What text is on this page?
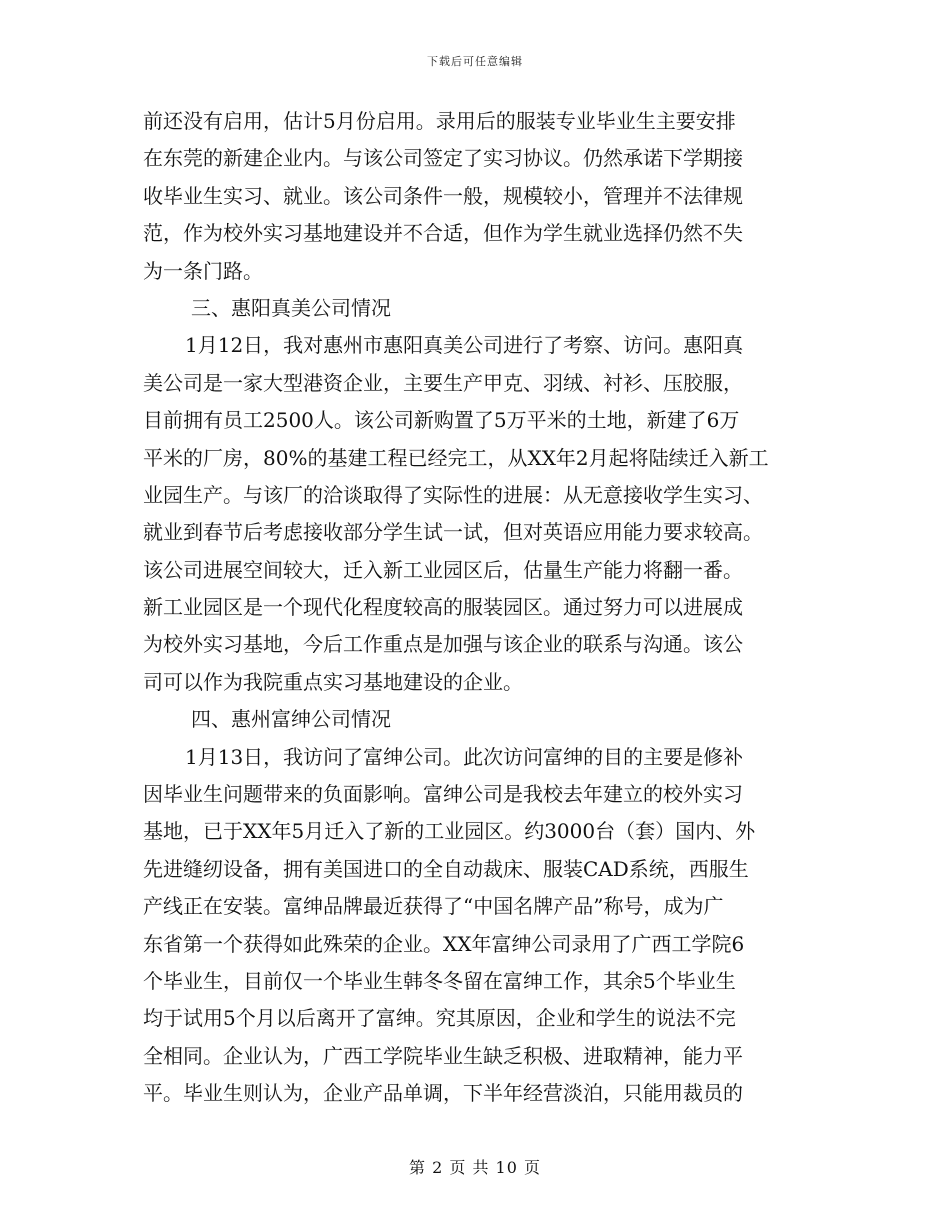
下载后可任意编辑
前还没有启用，估计5月份启用。录用后的服装专业毕业生主要安排
在东莞的新建企业内。与该公司签定了实习协议。仍然承诺下学期接
收毕业生实习、就业。该公司条件一般，规模较小，管理并不法律规
范，作为校外实习基地建设并不合适，但作为学生就业选择仍然不失
为一条门路。
三、惠阳真美公司情况
1月12日，我对惠州市惠阳真美公司进行了考察、访问。惠阳真
美公司是一家大型港资企业，主要生产甲克、羽绒、衬衫、压胶服，
目前拥有员工2500人。该公司新购置了5万平米的土地，新建了6万
平米的厂房，80%的基建工程已经完工，从XX年2月起将陆续迁入新工
业园生产。与该厂的洽谈取得了实际性的进展：从无意接收学生实习、
就业到春节后考虑接收部分学生试一试，但对英语应用能力要求较高。
该公司进展空间较大，迁入新工业园区后，估量生产能力将翻一番。
新工业园区是一个现代化程度较高的服装园区。通过努力可以进展成
为校外实习基地，今后工作重点是加强与该企业的联系与沟通。该公
司可以作为我院重点实习基地建设的企业。
四、惠州富绅公司情况
1月13日，我访问了富绅公司。此次访问富绅的目的主要是修补
因毕业生问题带来的负面影响。富绅公司是我校去年建立的校外实习
基地，已于XX年5月迁入了新的工业园区。约3000台（套）国内、外
先进缝纫设备，拥有美国进口的全自动裁床、服装CAD系统，西服生
产线正在安装。富绅品牌最近获得了“中国名牌产品”称号，成为广
东省第一个获得如此殊荣的企业。XX年富绅公司录用了广西工学院6
个毕业生，目前仅一个毕业生韩冬冬留在富绅工作，其余5个毕业生
均于试用5个月以后离开了富绅。究其原因，企业和学生的说法不完
全相同。企业认为，广西工学院毕业生缺乏积极、进取精神，能力平
平。毕业生则认为，企业产品单调，下半年经营淡泊，只能用裁员的
第 2 页 共 10 页
